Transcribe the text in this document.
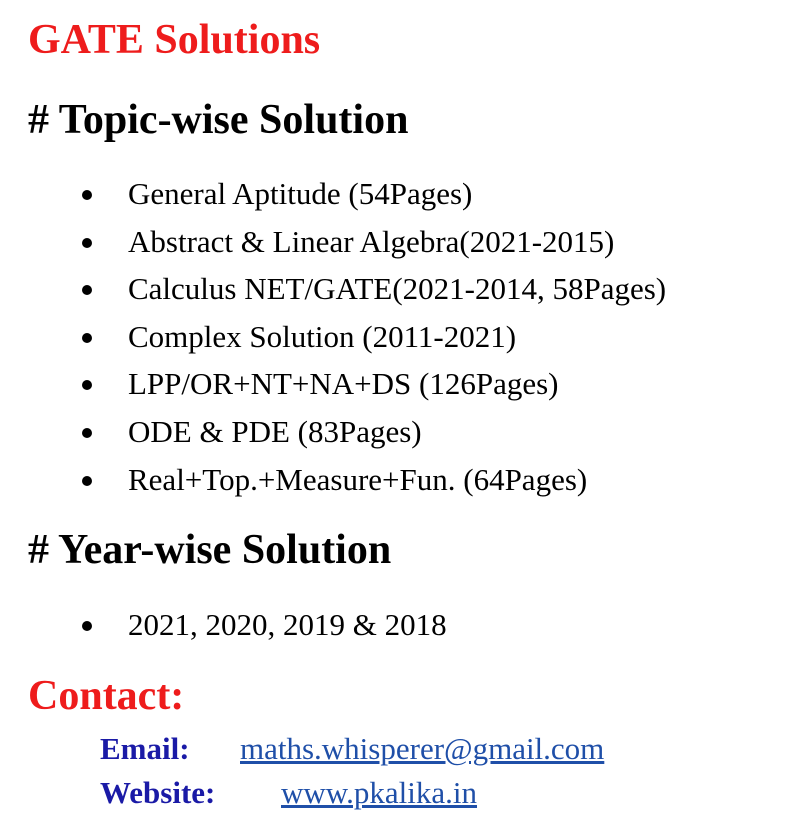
GATE Solutions
# Topic-wise Solution
General Aptitude (54Pages)
Abstract & Linear Algebra(2021-2015)
Calculus NET/GATE(2021-2014, 58Pages)
Complex Solution (2011-2021)
LPP/OR+NT+NA+DS (126Pages)
ODE & PDE (83Pages)
Real+Top.+Measure+Fun. (64Pages)
# Year-wise Solution
2021, 2020, 2019 & 2018
Contact:
Email: maths.whisperer@gmail.com
Website: www.pkalika.in
